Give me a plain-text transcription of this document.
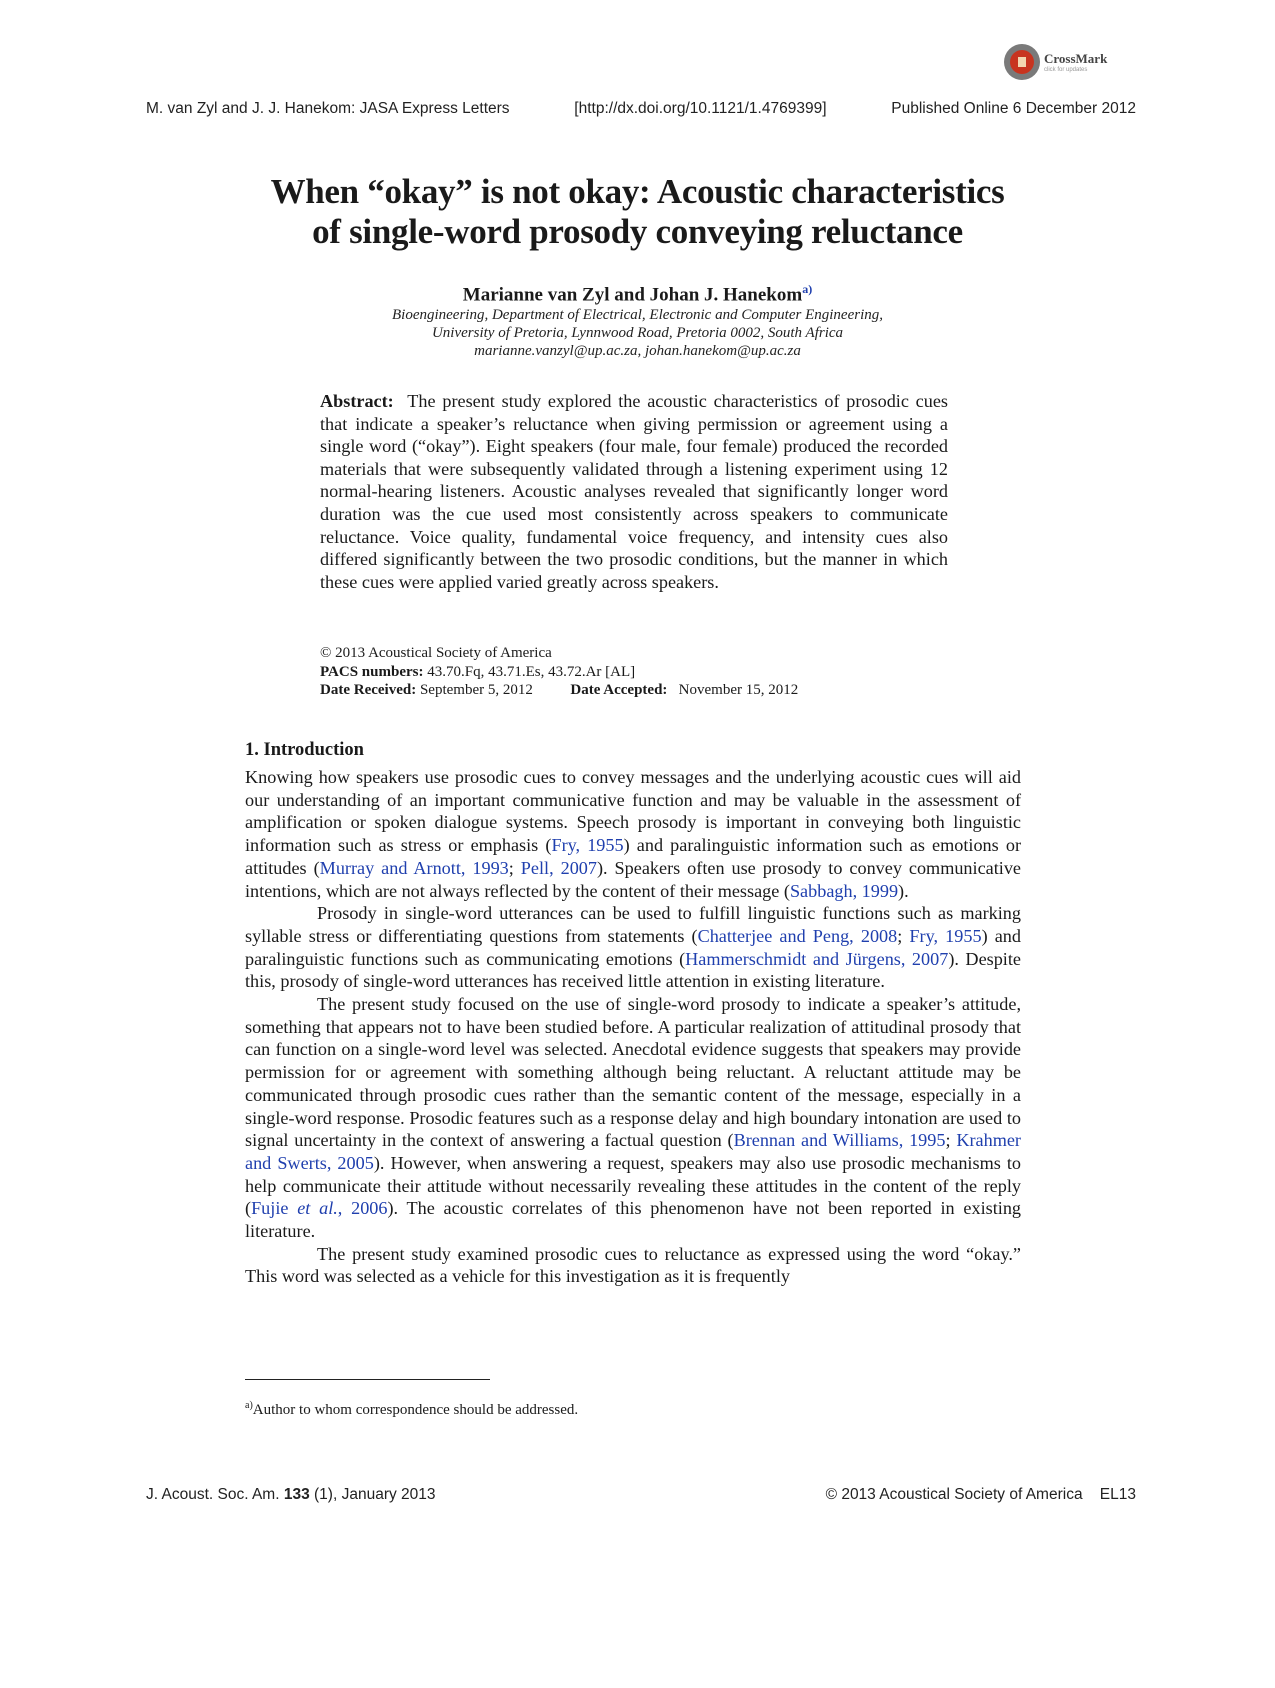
M. van Zyl and J. J. Hanekom: JASA Express Letters	[http://dx.doi.org/10.1121/1.4769399]	Published Online 6 December 2012
CrossMark
click for updates
When “okay” is not okay: Acoustic characteristics
of single-word prosody conveying reluctance
Marianne van Zyl and Johan J. Hanekom$^{a)}$
Bioengineering, Department of Electrical, Electronic and Computer Engineering,
University of Pretoria, Lynnwood Road, Pretoria 0002, South Africa
marianne.vanzyl@up.ac.za, johan.hanekom@up.ac.za
Abstract: The present study explored the acoustic characteristics of prosodic cues that indicate a speaker’s reluctance when giving permission or agreement using a single word (“okay”). Eight speakers (four male, four female) produced the recorded materials that were subsequently validated through a listening experiment using 12 normal-hearing listeners. Acoustic analyses revealed that significantly longer word duration was the cue used most consistently across speakers to communicate reluctance. Voice quality, fundamental voice frequency, and intensity cues also differed significantly between the two prosodic conditions, but the manner in which these cues were applied varied greatly across speakers.
© 2013 Acoustical Society of America
PACS numbers: 43.70.Fq, 43.71.Es, 43.72.Ar [AL]
Date Received: September 5, 2012	Date Accepted: November 15, 2012
1. Introduction

Knowing how speakers use prosodic cues to convey messages and the underlying acoustic cues will aid our understanding of an important communicative function and may be valuable in the assessment of amplification or spoken dialogue systems. Speech prosody is important in conveying both linguistic information such as stress or emphasis (Fry, 1955) and paralinguistic information such as emotions or attitudes (Murray and Arnott, 1993; Pell, 2007). Speakers often use prosody to convey communicative intentions, which are not always reflected by the content of their message (Sabbagh, 1999).

Prosody in single-word utterances can be used to fulfill linguistic functions such as marking syllable stress or differentiating questions from statements (Chatterjee and Peng, 2008; Fry, 1955) and paralinguistic functions such as communicating emotions (Hammerschmidt and Jürgens, 2007). Despite this, prosody of single-word utterances has received little attention in existing literature.

The present study focused on the use of single-word prosody to indicate a speaker’s attitude, something that appears not to have been studied before. A particular realization of attitudinal prosody that can function on a single-word level was selected. Anecdotal evidence suggests that speakers may provide permission for or agreement with something although being reluctant. A reluctant attitude may be communicated through prosodic cues rather than the semantic content of the message, especially in a single-word response. Prosodic features such as a response delay and high boundary intonation are used to signal uncertainty in the context of answering a factual question (Brennan and Williams, 1995; Krahmer and Swerts, 2005). However, when answering a request, speakers may also use prosodic mechanisms to help communicate their attitude without necessarily revealing these attitudes in the content of the reply (Fujie et al., 2006). The acoustic correlates of this phenomenon have not been reported in existing literature.

The present study examined prosodic cues to reluctance as expressed using the word “okay.” This word was selected as a vehicle for this investigation as it is frequently

$^{a)}$Author to whom correspondence should be addressed.
J. Acoust. Soc. Am. 133 (1), January 2013	© 2013 Acoustical Society of America EL13
